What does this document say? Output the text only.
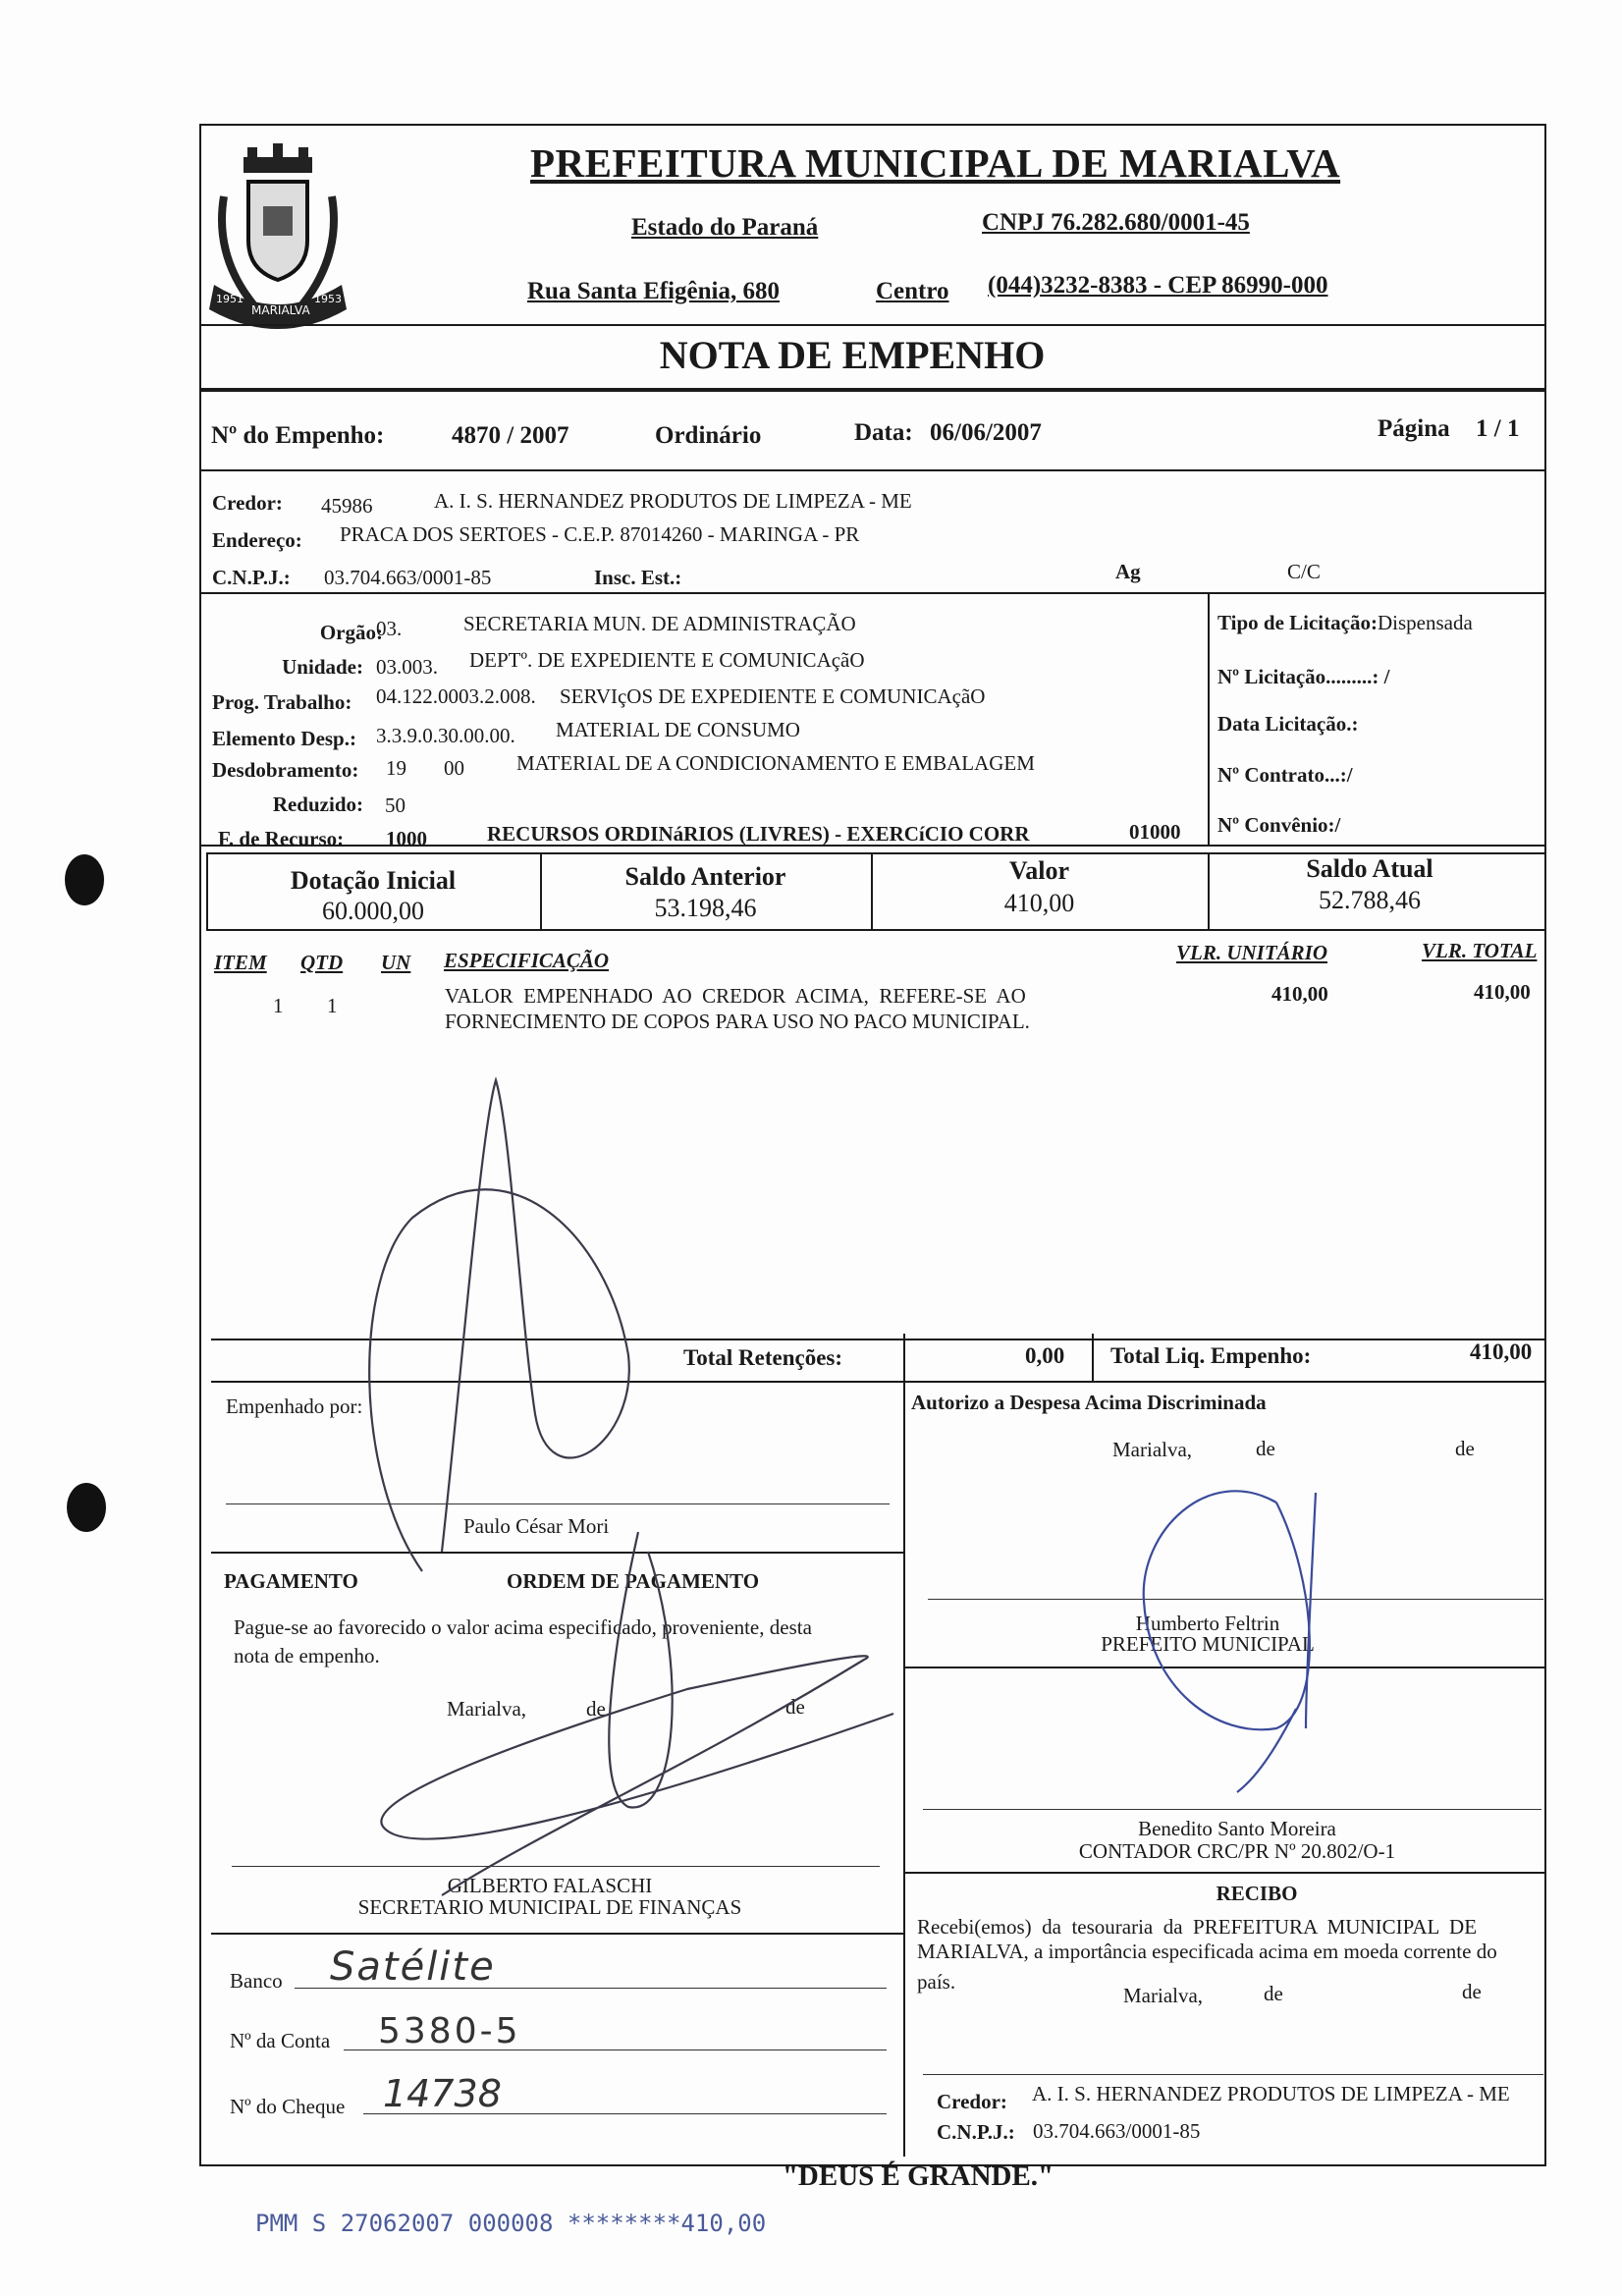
1951
MARIALVA
1953
PREFEITURA MUNICIPAL DE MARIALVA
Estado do Paraná	CNPJ 76.282.680/0001-45
Rua Santa Efigênia, 680	Centro (044)3232-8383 - CEP 86990-000
NOTA DE EMPENHO
Nº do Empenho:	4870 / 2007	Ordinário	Data: 06/06/2007	Página 1 / 1
Credor: 45986	A. I. S. HERNANDEZ PRODUTOS DE LIMPEZA - ME
Endereço: PRACA DOS SERTOES - C.E.P. 87014260 - MARINGA - PR
C.N.P.J.: 03.704.663/0001-85	Insc. Est.:	Ag	C/C
Orgão:
03.	SECRETARIA MUN. DE ADMINISTRAÇÃO
Unidade: 03.003. DEPTº. DE EXPEDIENTE E COMUNICAçãO
Prog. Trabalho: 04.122.0003.2.008. SERVIçOS DE EXPEDIENTE E COMUNICAçãO
Elemento Desp.: 3.3.9.0.30.00.00. MATERIAL DE CONSUMO
Desdobramento: 19 00	MATERIAL DE A CONDICIONAMENTO E EMBALAGEM
Reduzido: 50
F. de Recurso: 1000	RECURSOS ORDINáRIOS (LIVRES) - EXERCíCIO CORR	01000
Tipo de Licitação:Dispensada
Nº Licitação.........: /
Data Licitação.:
Nº Contrato...:/
Nº Convênio:/
Dotação Inicial
60.000,00
Saldo Anterior
53.198,46
Valor
410,00
Saldo Atual
52.788,46
ITEM QTD UN ESPECIFICAÇÃO	VLR. UNITÁRIO	VLR. TOTAL
1 1	VALOR  EMPENHADO  AO  CREDOR  ACIMA,  REFERE-SE  AO
FORNECIMENTO DE COPOS PARA USO NO PACO MUNICIPAL.
410,00	410,00
Total Retenções:	0,00 Total Liq. Empenho:	410,00
Empenhado por:
Paulo César Mori
Autorizo a Despesa Acima Discriminada
Marialva,	de	de
Humberto Feltrin
PREFEITO MUNICIPAL
PAGAMENTO	ORDEM DE PAGAMENTO
Pague-se ao favorecido o valor acima especificado, proveniente, desta
nota de empenho.
Marialva,	de	de
GILBERTO FALASCHI
SECRETARIO MUNICIPAL DE FINANÇAS
Benedito Santo Moreira
CONTADOR CRC/PR Nº 20.802/O-1
Banco Satélite
Nº da Conta 5380-5
Nº do Cheque 14738
RECIBO
Recebi(emos)  da  tesouraria  da  PREFEITURA  MUNICIPAL  DE
MARIALVA, a importância especificada acima em moeda corrente do
país.
Marialva,	de	de
Credor: A. I. S. HERNANDEZ PRODUTOS DE LIMPEZA - ME
C.N.P.J.: 03.704.663/0001-85
"DEUS É GRANDE."
PMM S 27062007 000008 ********410,00
